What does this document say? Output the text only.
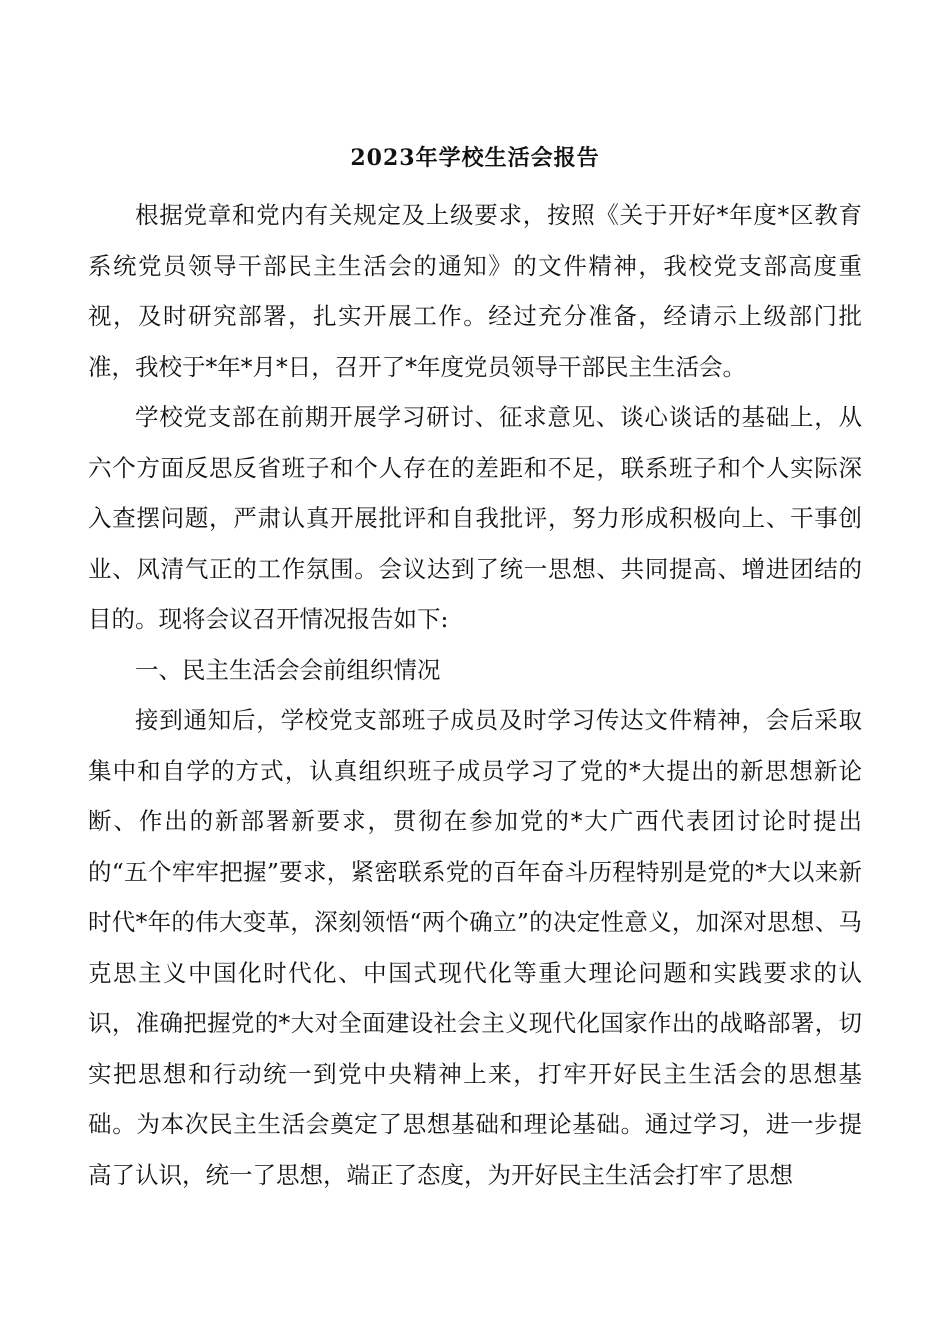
2023年学校生活会报告

根据党章和党内有关规定及上级要求，按照《关于开好*年度*区教育系统党员领导干部民主生活会的通知》的文件精神，我校党支部高度重视，及时研究部署，扎实开展工作。经过充分准备，经请示上级部门批准，我校于*年*月*日，召开了*年度党员领导干部民主生活会。

学校党支部在前期开展学习研讨、征求意见、谈心谈话的基础上，从六个方面反思反省班子和个人存在的差距和不足，联系班子和个人实际深入查摆问题，严肃认真开展批评和自我批评，努力形成积极向上、干事创业、风清气正的工作氛围。会议达到了统一思想、共同提高、增进团结的目的。现将会议召开情况报告如下:

一、民主生活会会前组织情况

接到通知后，学校党支部班子成员及时学习传达文件精神，会后采取集中和自学的方式，认真组织班子成员学习了党的*大提出的新思想新论断、作出的新部署新要求，贯彻在参加党的*大广西代表团讨论时提出的“五个牢牢把握”要求，紧密联系党的百年奋斗历程特别是党的*大以来新时代*年的伟大变革，深刻领悟“两个确立”的决定性意义，加深对思想、马克思主义中国化时代化、中国式现代化等重大理论问题和实践要求的认识，准确把握党的*大对全面建设社会主义现代化国家作出的战略部署，切实把思想和行动统一到党中央精神上来，打牢开好民主生活会的思想基础。为本次民主生活会奠定了思想基础和理论基础。通过学习，进一步提高了认识，统一了思想，端正了态度，为开好民主生活会打牢了思想
